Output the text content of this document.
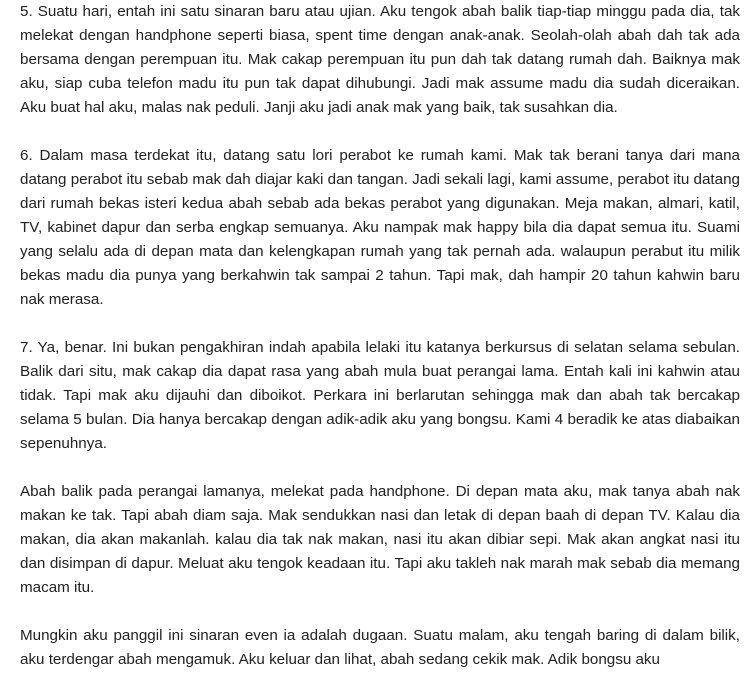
5. Suatu hari, entah ini satu sinaran baru atau ujian. Aku tengok abah balik tiap-tiap minggu pada dia, tak melekat dengan handphone seperti biasa, spent time dengan anak-anak. Seolah-olah abah dah tak ada bersama dengan perempuan itu. Mak cakap perempuan itu pun dah tak datang rumah dah. Baiknya mak aku, siap cuba telefon madu itu pun tak dapat dihubungi. Jadi mak assume madu dia sudah diceraikan. Aku buat hal aku, malas nak peduli. Janji aku jadi anak mak yang baik, tak susahkan dia.

6. Dalam masa terdekat itu, datang satu lori perabot ke rumah kami. Mak tak berani tanya dari mana datang perabot itu sebab mak dah diajar kaki dan tangan. Jadi sekali lagi, kami assume, perabot itu datang dari rumah bekas isteri kedua abah sebab ada bekas perabot yang digunakan. Meja makan, almari, katil, TV, kabinet dapur dan serba engkap semuanya. Aku nampak mak happy bila dia dapat semua itu. Suami yang selalu ada di depan mata dan kelengkapan rumah yang tak pernah ada. walaupun perabut itu milik bekas madu dia punya yang berkahwin tak sampai 2 tahun. Tapi mak, dah hampir 20 tahun kahwin baru nak merasa.

7. Ya, benar. Ini bukan pengakhiran indah apabila lelaki itu katanya berkursus di selatan selama sebulan. Balik dari situ, mak cakap dia dapat rasa yang abah mula buat perangai lama. Entah kali ini kahwin atau tidak. Tapi mak aku dijauhi dan diboikot. Perkara ini berlarutan sehingga mak dan abah tak bercakap selama 5 bulan. Dia hanya bercakap dengan adik-adik aku yang bongsu. Kami 4 beradik ke atas diabaikan sepenuhnya.

Abah balik pada perangai lamanya, melekat pada handphone. Di depan mata aku, mak tanya abah nak makan ke tak. Tapi abah diam saja. Mak sendukkan nasi dan letak di depan baah di depan TV. Kalau dia makan, dia akan makanlah. kalau dia tak nak makan, nasi itu akan dibiar sepi. Mak akan angkat nasi itu dan disimpan di dapur. Meluat aku tengok keadaan itu. Tapi aku takleh nak marah mak sebab dia memang macam itu.

Mungkin aku panggil ini sinaran even ia adalah dugaan. Suatu malam, aku tengah baring di dalam bilik, aku terdengar abah mengamuk. Aku keluar dan lihat, abah sedang cekik mak. Adik bongsu aku
